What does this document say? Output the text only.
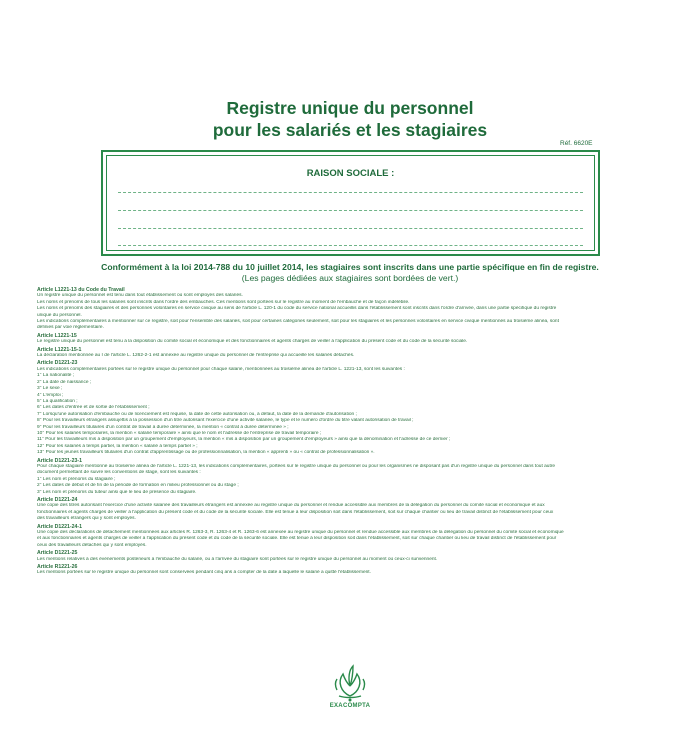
Registre unique du personnel
pour les salariés et les stagiaires
Réf. 6620E
RAISON SOCIALE :
Conformément à la loi 2014-788 du 10 juillet 2014, les stagiaires sont inscrits dans une partie spécifique en fin de registre.
(Les pages dédiées aux stagiaires sont bordées de vert.)
Article L1221-13 du Code du Travail
Un registre unique du personnel est tenu dans tout établissement où sont employés des salariés.
Les noms et prénoms de tous les salariés sont inscrits dans l'ordre des embauches. Ces mentions sont portées sur le registre au moment de l'embauche et de façon indélébile.
Les noms et prénoms des stagiaires et des personnes volontaires en service civique au sens de l'article L. 120-1 du code du service national accueillis dans l'établissement sont inscrits dans l'ordre d'arrivée, dans une partie spécifique du registre
unique du personnel.
Les indications complémentaires à mentionner sur ce registre, soit pour l'ensemble des salariés, soit pour certaines catégories seulement, soit pour les stagiaires et les personnes volontaires en service civique mentionnés au troisième alinéa, sont
définies par voie réglementaire.
Article L1221-15
Le registre unique du personnel est tenu à la disposition du comité social et économique et des fonctionnaires et agents chargés de veiller à l'application du présent code et du code de la sécurité sociale.
Article L1221-15-1
La déclaration mentionnée au I de l'article L. 1262-2-1 est annexée au registre unique du personnel de l'entreprise qui accueille les salariés détachés.
Article D1221-23
Les indications complémentaires portées sur le registre unique du personnel pour chaque salarié, mentionnées au troisième alinéa de l'article L. 1221-13, sont les suivantes :
1° La nationalité ;
2° La date de naissance ;
3° Le sexe ;
4° L'emploi ;
5° La qualification ;
6° Les dates d'entrée et de sortie de l'établissement ;
7° Lorsqu'une autorisation d'embauche ou de licenciement est requise, la date de cette autorisation ou, à défaut, la date de la demande d'autorisation ;
8° Pour les travailleurs étrangers assujettis à la possession d'un titre autorisant l'exercice d'une activité salariée, le type et le numéro d'ordre du titre valant autorisation de travail ;
9° Pour les travailleurs titulaires d'un contrat de travail à durée déterminée, la mention « contrat à durée déterminée » ;
10° Pour les salariés temporaires, la mention « salarié temporaire » ainsi que le nom et l'adresse de l'entreprise de travail temporaire ;
11° Pour les travailleurs mis à disposition par un groupement d'employeurs, la mention « mis à disposition par un groupement d'employeurs » ainsi que la dénomination et l'adresse de ce dernier ;
12° Pour les salariés à temps partiel, la mention « salarié à temps partiel » ;
13° Pour les jeunes travailleurs titulaires d'un contrat d'apprentissage ou de professionnalisation, la mention « apprenti » ou « contrat de professionnalisation ».
Article D1221-23-1
Pour chaque stagiaire mentionné au troisième alinéa de l'article L. 1221-13, les indications complémentaires, portées sur le registre unique du personnel ou pour les organismes ne disposant pas d'un registre unique du personnel dans tout autre
document permettant de suivre les conventions de stage, sont les suivantes :
1° Les nom et prénoms du stagiaire ;
2° Les dates de début et de fin de la période de formation en milieu professionnel ou du stage ;
3° Les nom et prénoms du tuteur ainsi que le lieu de présence du stagiaire.
Article D1221-24
Une copie des titres autorisant l'exercice d'une activité salariée des travailleurs étrangers est annexée au registre unique du personnel et rendue accessible aux membres de la délégation du personnel du comité social et économique et aux
fonctionnaires et agents chargés de veiller à l'application du présent code et du code de la sécurité sociale. Elle est tenue à leur disposition soit dans l'établissement, soit sur chaque chantier ou lieu de travail distinct de l'établissement pour ceux
des travailleurs étrangers qui y sont employés.
Article D1221-24-1
Une copie des déclarations de détachement mentionnées aux articles R. 1263-3, R. 1263-4 et R. 1263-6 est annexée au registre unique du personnel et rendue accessible aux membres de la délégation du personnel du comité social et économique
et aux fonctionnaires et agents chargés de veiller à l'application du présent code et du code de la sécurité sociale. Elle est tenue à leur disposition soit dans l'établissement, soit sur chaque chantier ou lieu de travail distinct de l'établissement pour
ceux des travailleurs détachés qui y sont employés.
Article D1221-25
Les mentions relatives à des événements postérieurs à l'embauche du salarié, ou à l'arrivée du stagiaire sont portées sur le registre unique du personnel au moment où ceux-ci surviennent.
Article R1221-26
Les mentions portées sur le registre unique du personnel sont conservées pendant cinq ans à compter de la date à laquelle le salarié a quitté l'établissement.
EXACOMPTA
